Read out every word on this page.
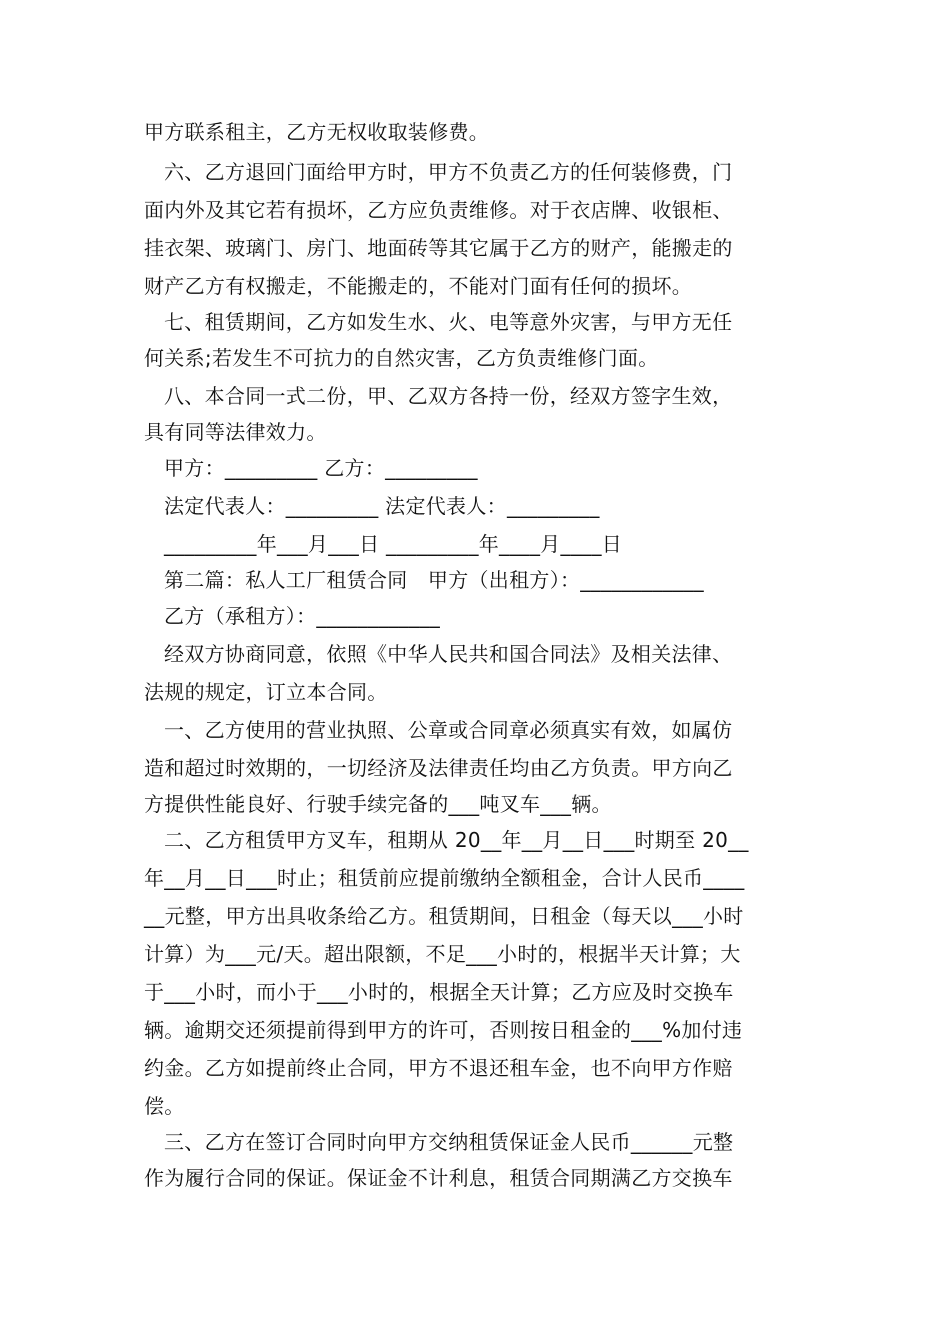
甲方联系租主，乙方无权收取装修费。
六、乙方退回门面给甲方时，甲方不负责乙方的任何装修费，门
面内外及其它若有损坏，乙方应负责维修。对于衣店牌、收银柜、
挂衣架、玻璃门、房门、地面砖等其它属于乙方的财产，能搬走的
财产乙方有权搬走，不能搬走的，不能对门面有任何的损坏。
七、租赁期间，乙方如发生水、火、电等意外灾害，与甲方无任
何关系;若发生不可抗力的自然灾害，乙方负责维修门面。
八、本合同一式二份，甲、乙双方各持一份，经双方签字生效，
具有同等法律效力。
甲方：_________ 乙方：_________
法定代表人：_________ 法定代表人：_________
_________年___月___日 _________年____月____日
第二篇：私人工厂租赁合同　甲方（出租方）：____________
乙方（承租方）：____________
经双方协商同意，依照《中华人民共和国合同法》及相关法律、
法规的规定，订立本合同。
一、乙方使用的营业执照、公章或合同章必须真实有效，如属仿
造和超过时效期的，一切经济及法律责任均由乙方负责。甲方向乙
方提供性能良好、行驶手续完备的___吨叉车___辆。
二、乙方租赁甲方叉车，租期从 20__年__月__日___时期至 20__
年__月__日___时止；租赁前应提前缴纳全额租金，合计人民币____
__元整，甲方出具收条给乙方。租赁期间，日租金（每天以___小时
计算）为___元/天。超出限额，不足___小时的，根据半天计算；大
于___小时，而小于___小时的，根据全天计算；乙方应及时交换车
辆。逾期交还须提前得到甲方的许可，否则按日租金的___%加付违
约金。乙方如提前终止合同，甲方不退还租车金，也不向甲方作赔
偿。
三、乙方在签订合同时向甲方交纳租赁保证金人民币______元整
作为履行合同的保证。保证金不计利息，租赁合同期满乙方交换车
